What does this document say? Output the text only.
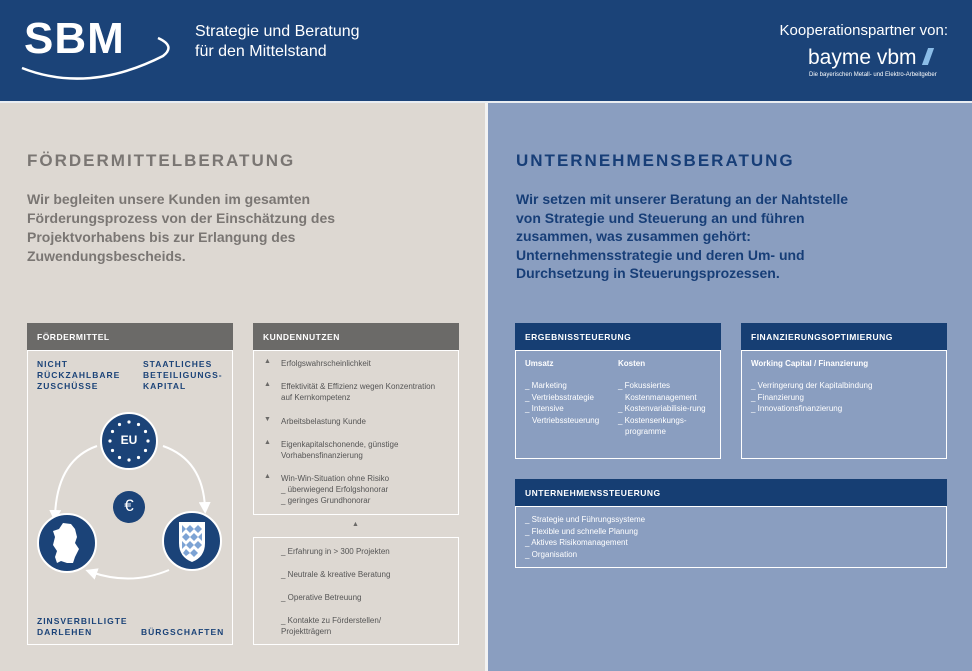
SBM	Strategie und Beratung
für den Mittelstand
Kooperationspartner von:
bayme vbm
Die bayerischen Metall- und Elektro-Arbeitgeber
FÖRDERMITTELBERATUNG
Wir begleiten unsere Kunden im gesamten Förderungsprozess von der Einschätzung des Projektvorhabens bis zur Erlangung des Zuwendungsbescheids.
FÖRDERMITTEL
NICHT RÜCKZAHLBARE ZUSCHÜSSE
STAATLICHES BETEILIGUNGS-KAPITAL
ZINSVERBILLIGTE DARLEHEN	BÜRGSCHAFTEN
EU
€
KUNDENNUTZEN
▲ Erfolgswahrscheinlichkeit
▲ Effektivität & Effizienz wegen Konzentration auf Kernkompetenz
▼ Arbeitsbelastung Kunde
▲ Eigenkapitalschonende, günstige Vorhabensfinanzierung
▲ Win-Win-Situation ohne Risiko
_ überwiegend Erfolgshonorar
_ geringes Grundhonorar
▲
_ Erfahrung in > 300 Projekten
_ Neutrale & kreative Beratung
_ Operative Betreuung
_ Kontakte zu Förderstellen/ Projektträgern
UNTERNEHMENSBERATUNG
Wir setzen mit unserer Beratung an der Nahtstelle von Strategie und Steuerung an und führen zusammen, was zusammen gehört: Unternehmensstrategie und deren Um- und Durchsetzung in Steuerungsprozessen.
ERGEBNISSTEUERUNG
Umsatz
_ Marketing
_ Vertriebsstrategie
_ Intensive Vertriebssteuerung
Kosten
_ Fokussiertes Kostenmanagement
_ Kostenvariabilisie-rung
_ Kostensenkungs-programme
FINANZIERUNGSOPTIMIERUNG
Working Capital / Finanzierung
_ Verringerung der Kapitalbindung
_ Finanzierung
_ Innovationsfinanzierung
UNTERNEHMENSSTEUERUNG
_ Strategie und Führungssysteme
_ Flexible und schnelle Planung
_ Aktives Risikomanagement
_ Organisation
